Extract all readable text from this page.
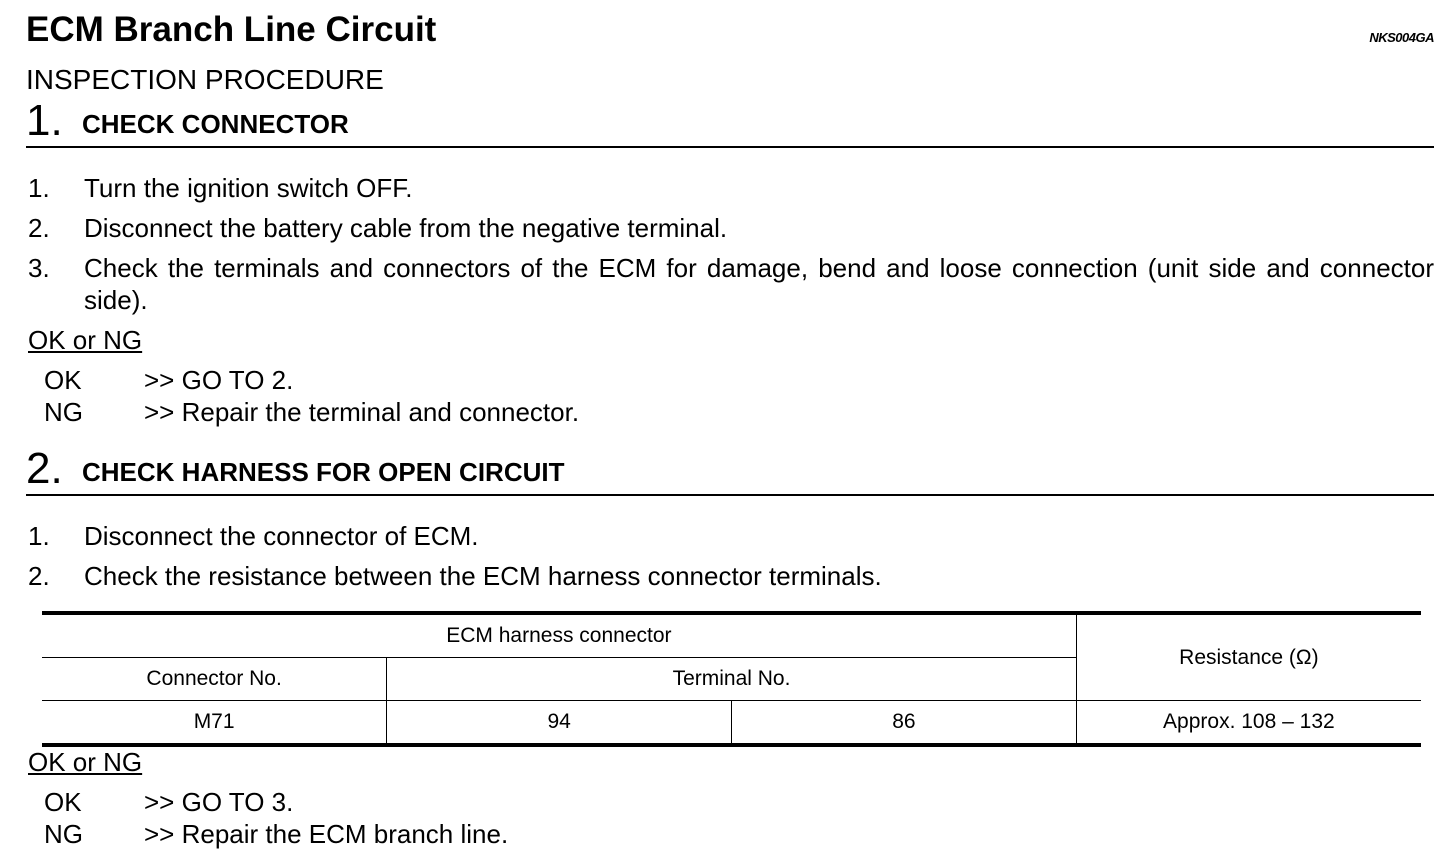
ECM Branch Line Circuit	NKS004GA
INSPECTION PROCEDURE
1. CHECK CONNECTOR
1. Turn the ignition switch OFF.
2. Disconnect the battery cable from the negative terminal.
3. Check the terminals and connectors of the ECM for damage, bend and loose connection (unit side and connector side).
OK or NG
OK >> GO TO 2.
NG >> Repair the terminal and connector.
2. CHECK HARNESS FOR OPEN CIRCUIT
1. Disconnect the connector of ECM.
2. Check the resistance between the ECM harness connector terminals.
ECM harness connector			Resistance (Ω)
Connector No.	Terminal No.		
M71	94	86	Approx. 108 – 132
OK or NG
OK >> GO TO 3.
NG >> Repair the ECM branch line.
